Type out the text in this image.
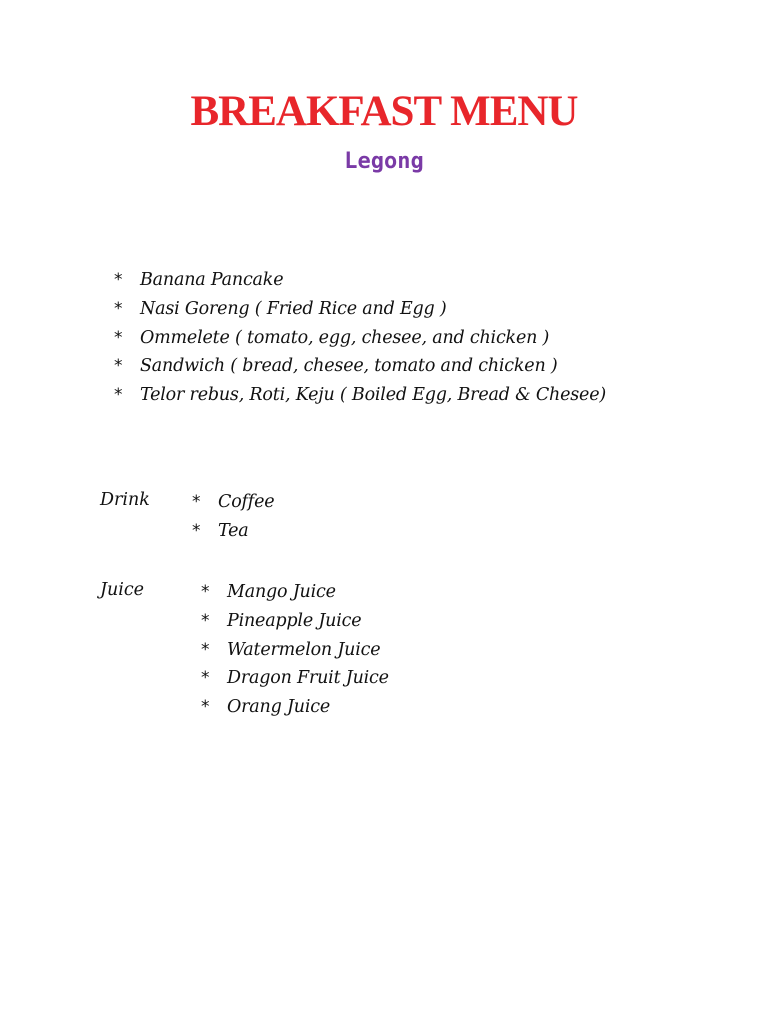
BREAKFAST MENU
Legong
* Banana Pancake
* Nasi Goreng ( Fried Rice and Egg )
* Ommelete ( tomato, egg, chesee, and chicken )
* Sandwich ( bread, chesee, tomato and chicken )
* Telor rebus, Roti, Keju ( Boiled Egg, Bread & Chesee)
Drink * Coffee
* Tea
Juice	* Mango Juice
* Pineapple Juice
* Watermelon Juice
* Dragon Fruit Juice
* Orang Juice
